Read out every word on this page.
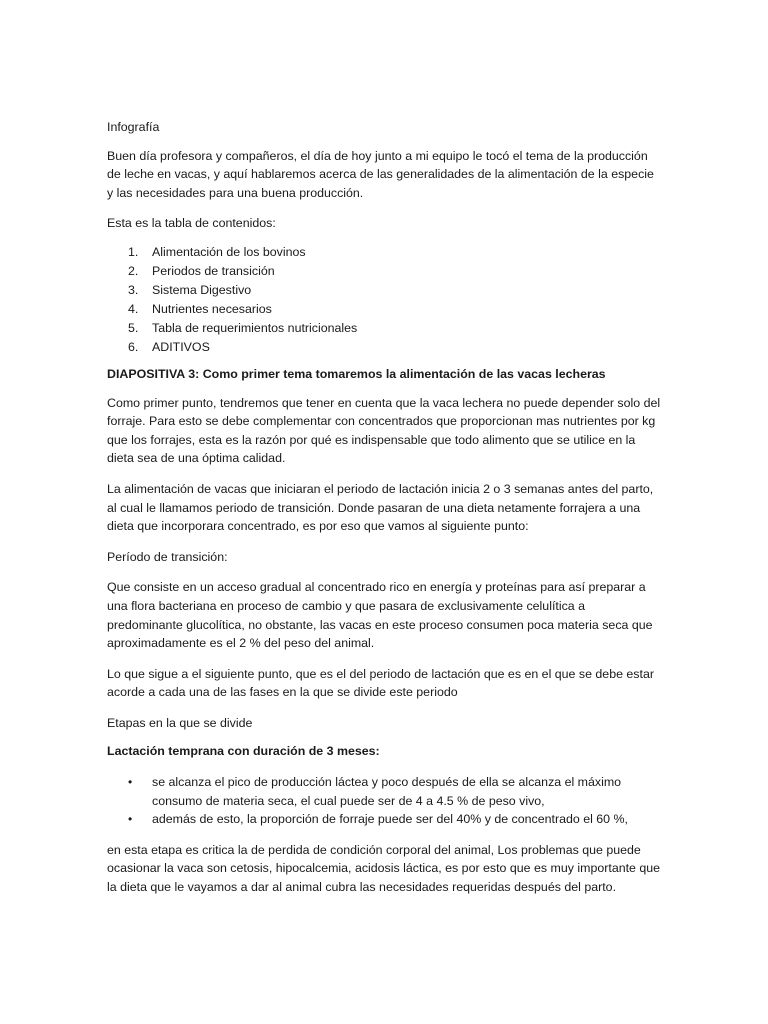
Infografía

Buen día profesora y compañeros, el día de hoy junto a mi equipo le tocó el tema de la producción de leche en vacas, y aquí hablaremos acerca de las generalidades de la alimentación de la especie y las necesidades para una buena producción.

Esta es la tabla de contenidos:

1. Alimentación de los bovinos
2. Periodos de transición
3. Sistema Digestivo
4. Nutrientes necesarios
5. Tabla de requerimientos nutricionales
6. ADITIVOS

DIAPOSITIVA 3: Como primer tema tomaremos la alimentación de las vacas lecheras

Como primer punto, tendremos que tener en cuenta que la vaca lechera no puede depender solo del forraje. Para esto se debe complementar con concentrados que proporcionan mas nutrientes por kg que los forrajes, esta es la razón por qué es indispensable que todo alimento que se utilice en la dieta sea de una óptima calidad.

La alimentación de vacas que iniciaran el periodo de lactación inicia 2 o 3 semanas antes del parto, al cual le llamamos periodo de transición. Donde pasaran de una dieta netamente forrajera a una dieta que incorporara concentrado, es por eso que vamos al siguiente punto:

Período de transición:

Que consiste en un acceso gradual al concentrado rico en energía y proteínas para así preparar a una flora bacteriana en proceso de cambio y que pasara de exclusivamente celulítica a predominante glucolítica, no obstante, las vacas en este proceso consumen poca materia seca que aproximadamente es el 2 % del peso del animal.

Lo que sigue a el siguiente punto, que es el del periodo de lactación que es en el que se debe estar acorde a cada una de las fases en la que se divide este periodo

Etapas en la que se divide

Lactación temprana con duración de 3 meses:

• se alcanza el pico de producción láctea y poco después de ella se alcanza el máximo consumo de materia seca, el cual puede ser de 4 a 4.5 % de peso vivo,
• además de esto, la proporción de forraje puede ser del 40% y de concentrado el 60 %,

en esta etapa es critica la de perdida de condición corporal del animal, Los problemas que puede ocasionar la vaca son cetosis, hipocalcemia, acidosis láctica, es por esto que es muy importante que la dieta que le vayamos a dar al animal cubra las necesidades requeridas después del parto.
